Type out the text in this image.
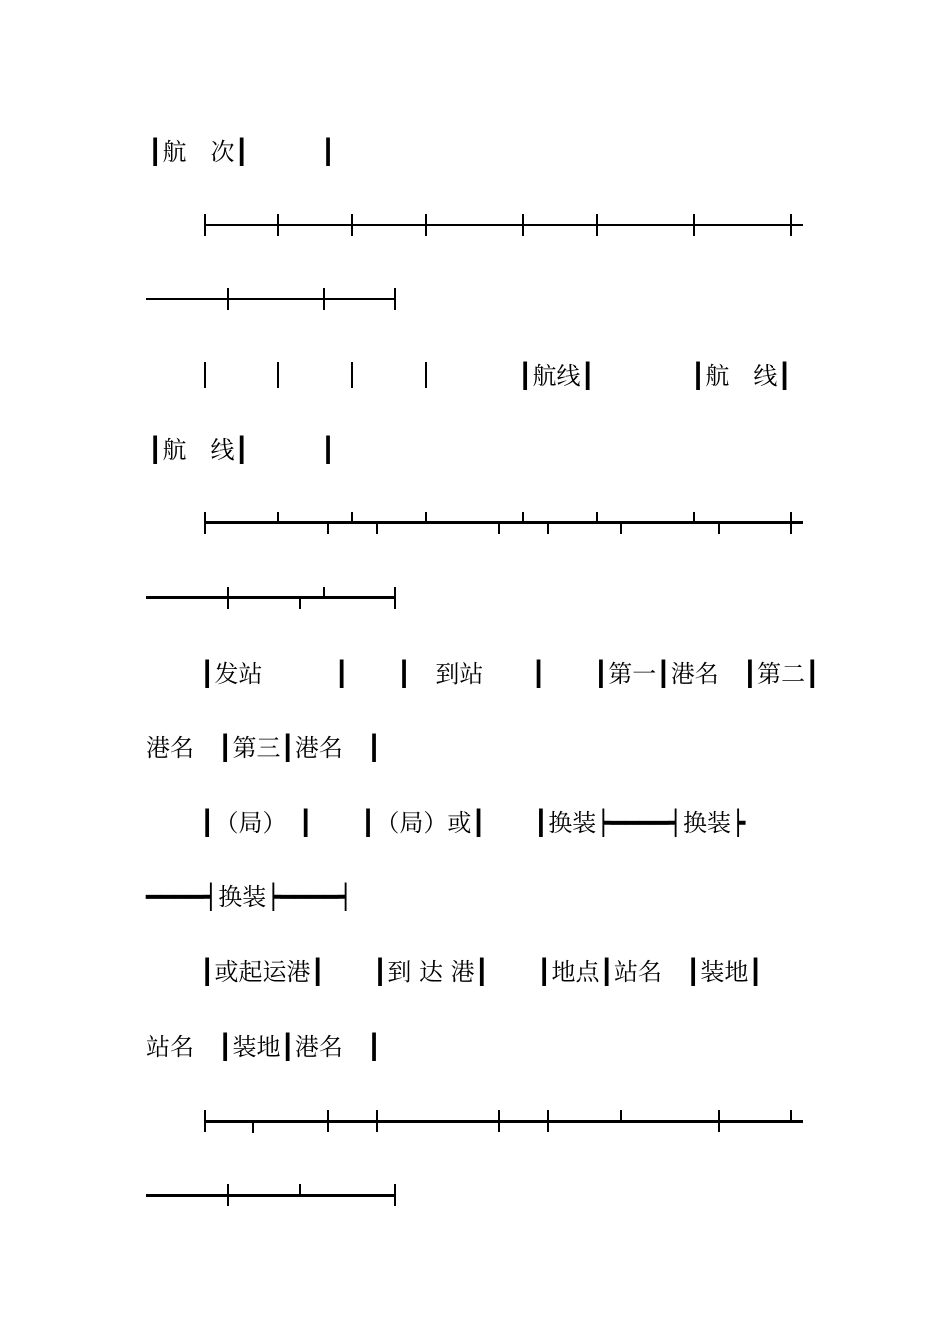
┃航　次┃　　　┃
┃航线┃　　　　┃航　线┃
┃航　线┃　　　┃
┃发站　　　┃　　┃　到站　　┃　　┃第一┃港名　┃第二┃
港名　┃第三┃港名　┃
┃（局）　┃　　┃（局）或┃　　┃换装┝━━━━┥换装┝
━━━━┥换装┝━━━━┥
┃或起运港┃　　┃到 达 港┃　　┃地点┃站名　┃装地┃
站名　┃装地┃港名　┃
